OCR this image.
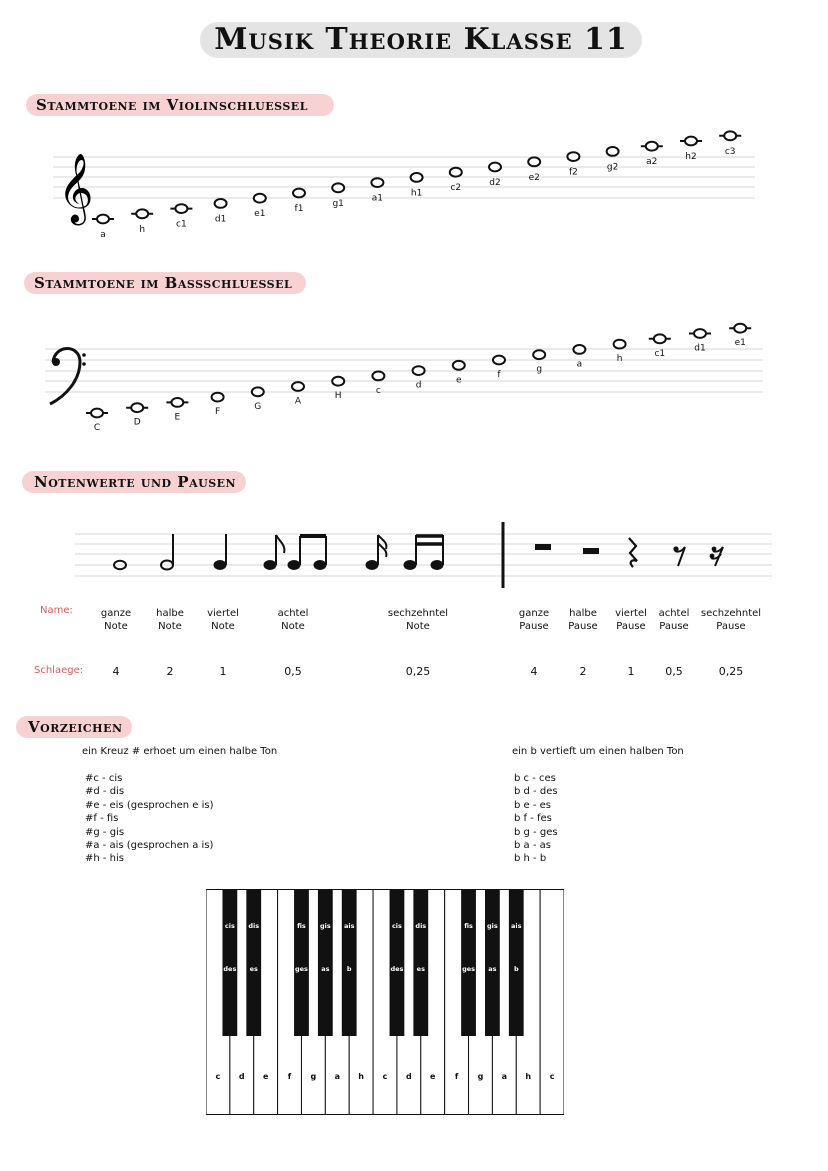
Musik Theorie Klasse 11
Stammtoene im Violinschluessel
𝄞
a
h
c1
d1
e1
f1
g1
a1
h1
c2
d2
e2
f2
g2
a2
h2
c3
C
D
E
F
G
A
H
c
d
e
f
g
a
h
c1
d1
e1
Stammtoene im Bassschluessel
Notenwerte und Pausen
Name:
Schlaege:
ganze
Note
4
halbe
Note
2
viertel
Note
1
achtel
Note
0,5
sechzehntel
Note
0,25
ganze
Pause
4
halbe
Pause
2
viertel
Pause
1
achtel
Pause
0,5
sechzehntel
Pause
0,25
Vorzeichen
ein Kreuz # erhoet um einen halbe Ton	ein b vertieft um einen halben Ton
#c - cis
#d - dis
#e - eis (gesprochen e is)
#f - fis
#g - gis
#a - ais (gesprochen a is)
#h - his
b c - ces
b d - des
b e - es
b f - fes
b g - ges
b a - as
b h - b
c d e f g a h c d e f g a h c
cis
des
dis
es
fis
ges
gis
as
ais
b
cis
des
dis
es
fis
ges
gis
as
ais
b
